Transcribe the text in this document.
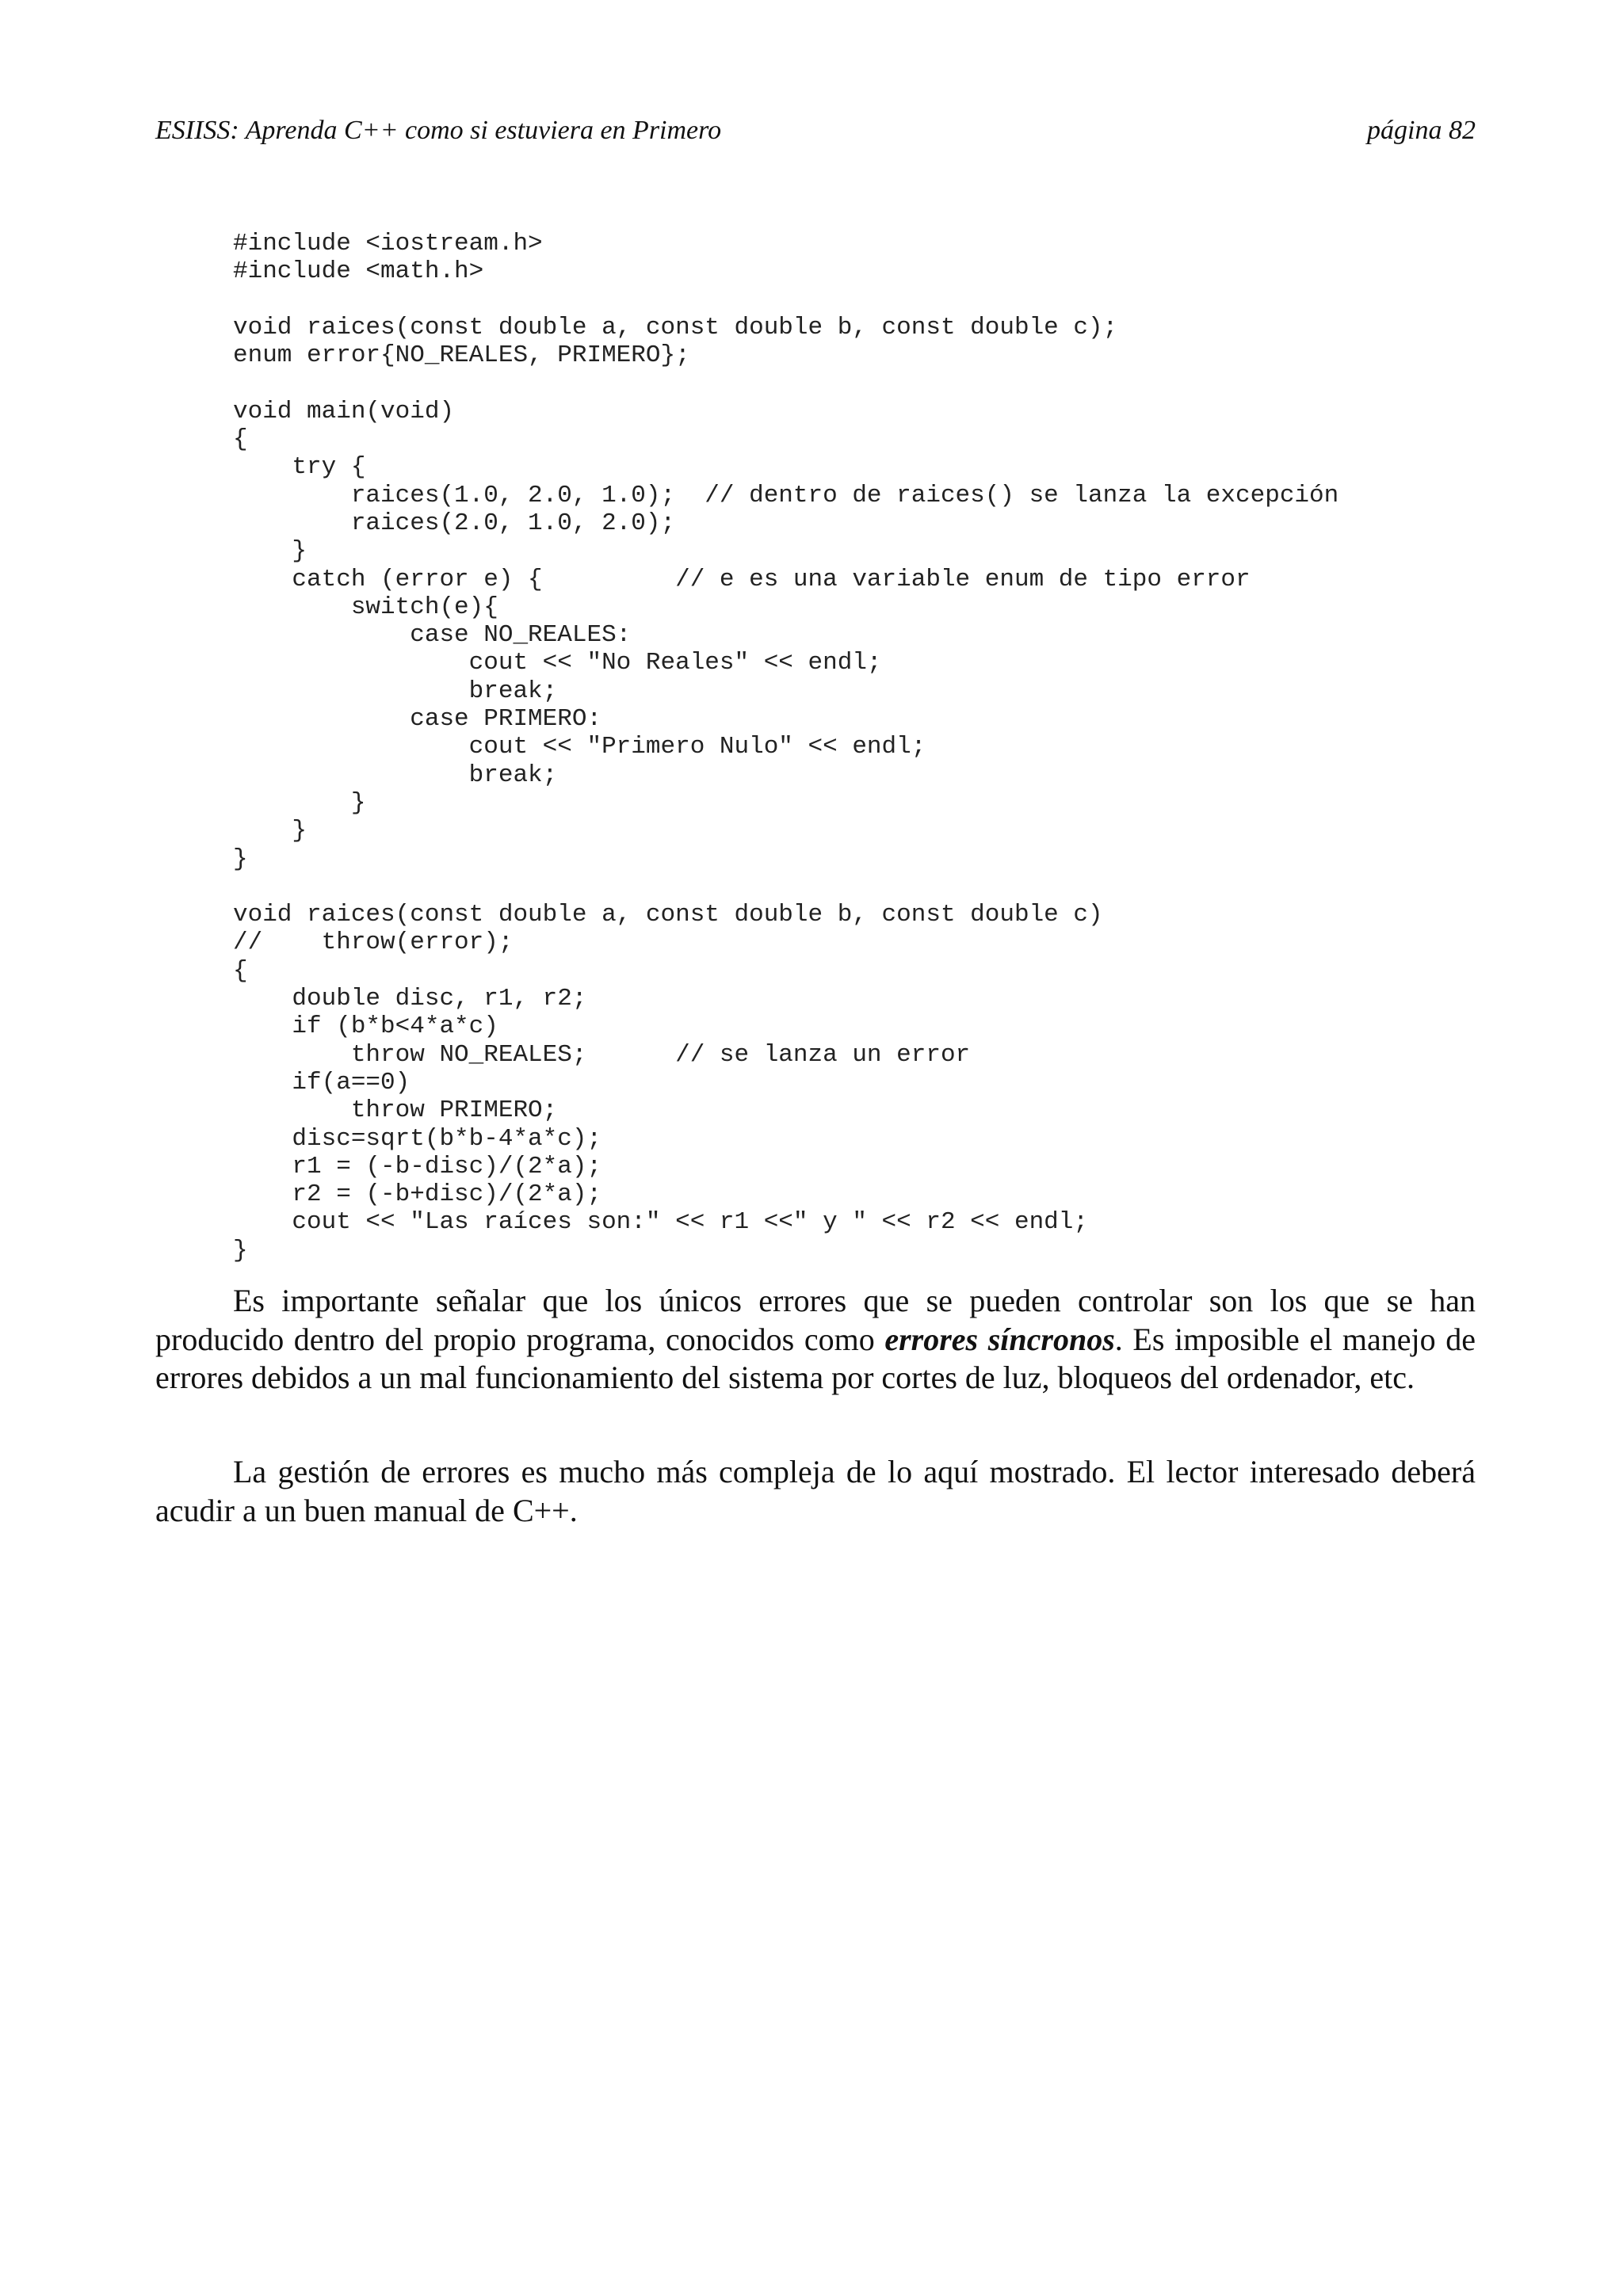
ESIISS: Aprenda C++ como si estuviera en Primero	página 82
#include <iostream.h>
#include <math.h>
void raices(const double a, const double b, const double c);
enum error{NO_REALES, PRIMERO};
void main(void)
{
try {
raices(1.0, 2.0, 1.0);  // dentro de raices() se lanza la excepción
raices(2.0, 1.0, 2.0);
}
catch (error e) {         // e es una variable enum de tipo error
switch(e){
case NO_REALES:
cout << "No Reales" << endl;
break;
case PRIMERO:
cout << "Primero Nulo" << endl;
break;
}
}
}
void raices(const double a, const double b, const double c)
//    throw(error);
{
double disc, r1, r2;
if (b*b<4*a*c)
throw NO_REALES;      // se lanza un error
if(a==0)
throw PRIMERO;
disc=sqrt(b*b-4*a*c);
r1 = (-b-disc)/(2*a);
r2 = (-b+disc)/(2*a);
cout << "Las raíces son:" << r1 <<" y " << r2 << endl;
}

Es importante señalar que los únicos errores que se pueden controlar son los que se han producido dentro del propio programa, conocidos como errores síncronos. Es imposible el manejo de errores debidos a un mal funcionamiento del sistema por cortes de luz, bloqueos del ordenador, etc.

La gestión de errores es mucho más compleja de lo aquí mostrado. El lector interesado deberá acudir a un buen manual de C++.
